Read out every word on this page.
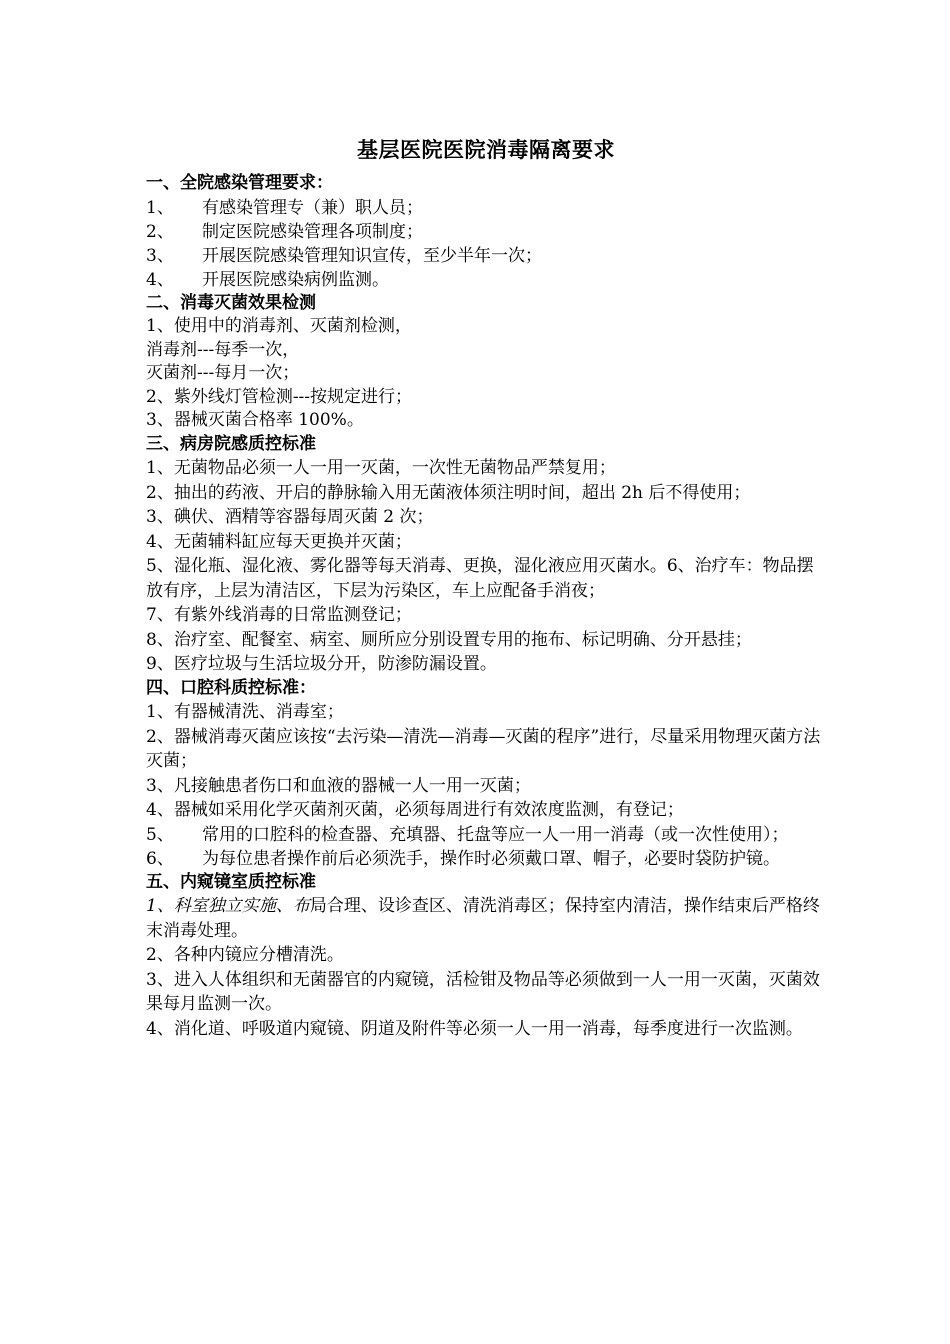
基层医院医院消毒隔离要求

一、全院感染管理要求：

1、	有感染管理专（兼）职人员；
2、	制定医院感染管理各项制度；
3、	开展医院感染管理知识宣传，至少半年一次；
4、	开展医院感染病例监测。

二、消毒灭菌效果检测

1、使用中的消毒剂、灭菌剂检测，

消毒剂---每季一次，

灭菌剂---每月一次；

2、紫外线灯管检测---按规定进行；

3、器械灭菌合格率 100%。

三、病房院感质控标准

1、无菌物品必须一人一用一灭菌，一次性无菌物品严禁复用；

2、抽出的药液、开启的静脉输入用无菌液体须注明时间，超出 2h 后不得使用；

3、碘伏、酒精等容器每周灭菌 2 次；

4、无菌辅料缸应每天更换并灭菌；

5、湿化瓶、湿化液、雾化器等每天消毒、更换，湿化液应用灭菌水。6、治疗车：物品摆放有序，上层为清洁区，下层为污染区，车上应配备手消夜；

7、有紫外线消毒的日常监测登记；

8、治疗室、配餐室、病室、厕所应分别设置专用的拖布、标记明确、分开悬挂；

9、医疗垃圾与生活垃圾分开，防渗防漏设置。

四、口腔科质控标准：

1、有器械清洗、消毒室；

2、器械消毒灭菌应该按“去污染—清洗—消毒—灭菌的程序”进行，尽量采用物理灭菌方法灭菌；

3、凡接触患者伤口和血液的器械一人一用一灭菌；

4、器械如采用化学灭菌剂灭菌，必须每周进行有效浓度监测，有登记；

5、	常用的口腔科的检查器、充填器、托盘等应一人一用一消毒（或一次性使用）；
6、	为每位患者操作前后必须洗手，操作时必须戴口罩、帽子，必要时袋防护镜。

五、内窥镜室质控标准

1、科室独立实施、布局合理、设诊查区、清洗消毒区；保持室内清洁，操作结束后严格终末消毒处理。

2、各种内镜应分槽清洗。

3、进入人体组织和无菌器官的内窥镜，活检钳及物品等必须做到一人一用一灭菌，灭菌效果每月监测一次。

4、消化道、呼吸道内窥镜、阴道及附件等必须一人一用一消毒，每季度进行一次监测。
